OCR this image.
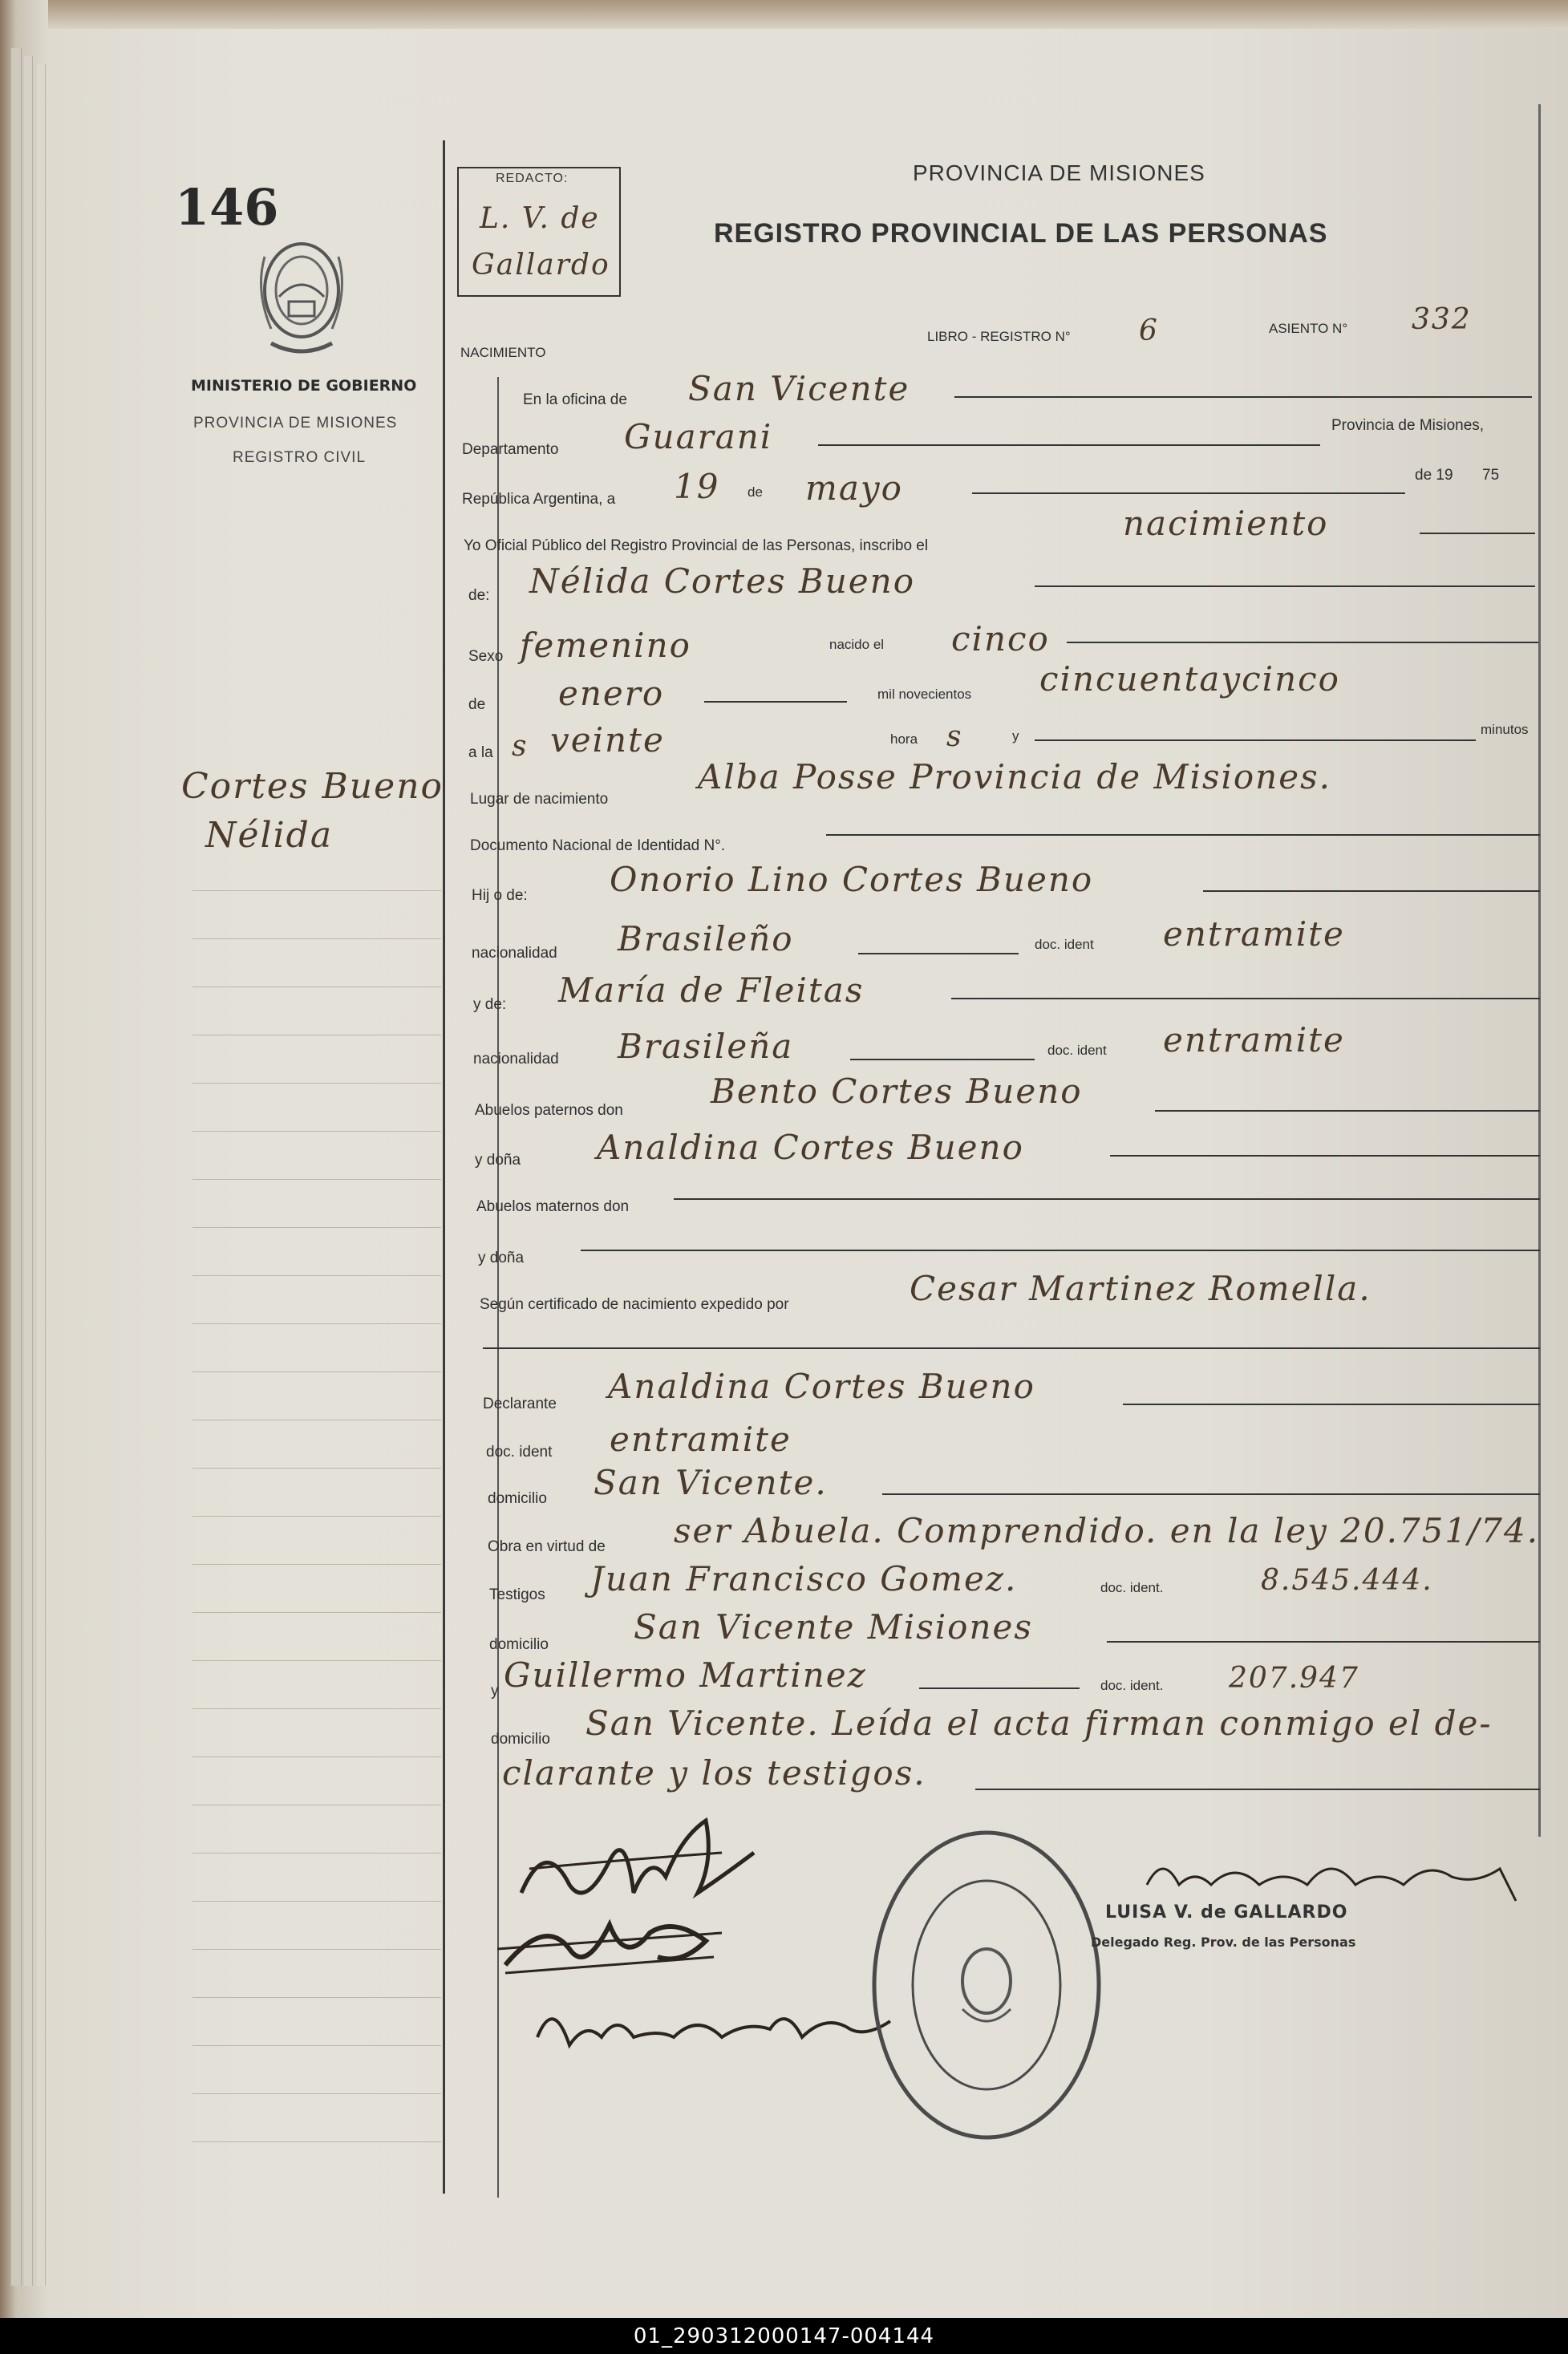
146
MINISTERIO DE GOBIERNO
PROVINCIA DE MISIONES
REGISTRO CIVIL
REDACTO:
L. V. de
Gallardo
PROVINCIA DE MISIONES
REGISTRO PROVINCIAL DE LAS PERSONAS
NACIMIENTO
LIBRO - REGISTRO N° 6	ASIENTO N° 332
En la oficina de San Vicente
Departamento Guarani	Provincia de Misiones,
República Argentina, a 19 de mayo	de 19 75
Yo Oficial Público del Registro Provincial de las Personas, inscribo el
nacimiento
de: Nélida Cortes Bueno
Sexo femenino	nacido el cinco
de enero	mil novecientos cincuentaycinco
a la s veinte	hora s	y	minutos
Lugar de nacimiento
Alba Posse Provincia de Misiones.
Documento Nacional de Identidad N°.
Hij o de: Onorio Lino Cortes Bueno
nacionalidad Brasileño	doc. ident entramite
y de: María de Fleitas
nacionalidad Brasileña	doc. ident entramite
Abuelos paternos don	Bento Cortes Bueno
y doña Analdina Cortes Bueno
Abuelos maternos don
y doña
Según certificado de nacimiento expedido por	Cesar Martinez Romella.
Declarante Analdina Cortes Bueno
doc. ident entramite
domicilio San Vicente.
Obra en virtud de ser Abuela. Comprendido. en la ley 20.751/74.
Testigos Juan Francisco Gomez.	doc. ident.	8.545.444.
domicilio	San Vicente Misiones
y Guillermo Martinez	doc. ident. 207.947
domicilio San Vicente. Leída el acta firman conmigo el de-
clarante y los testigos.
Cortes Bueno
Nélida
LUISA V. de GALLARDO
Delegado Reg. Prov. de las Personas
01_290312000147-004144
